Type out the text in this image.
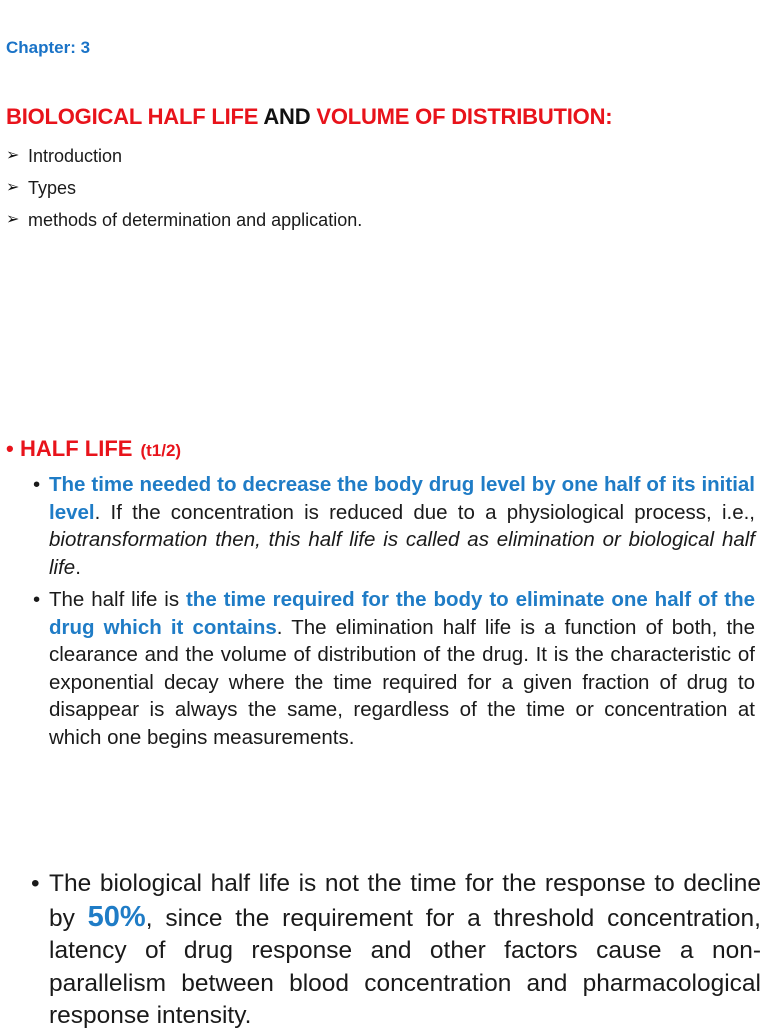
Chapter: 3
BIOLOGICAL HALF LIFE AND VOLUME OF DISTRIBUTION:
➢ Introduction
➢ Types
➢ methods of determination and application.
• HALF LIFE (t1/2)
• The time needed to decrease the body drug level by one half of its initial level. If the concentration is reduced due to a physiological process, i.e., biotransformation then, this half life is called as elimination or biological half life.
• The half life is the time required for the body to eliminate one half of the drug which it contains. The elimination half life is a function of both, the clearance and the volume of distribution of the drug. It is the characteristic of exponential decay where the time required for a given fraction of drug to disappear is always the same, regardless of the time or concentration at which one begins measurements.
• The biological half life is not the time for the response to decline by 50%, since the requirement for a threshold concentration, latency of drug response and other factors cause a non-parallelism between blood concentration and pharmacological response intensity.
